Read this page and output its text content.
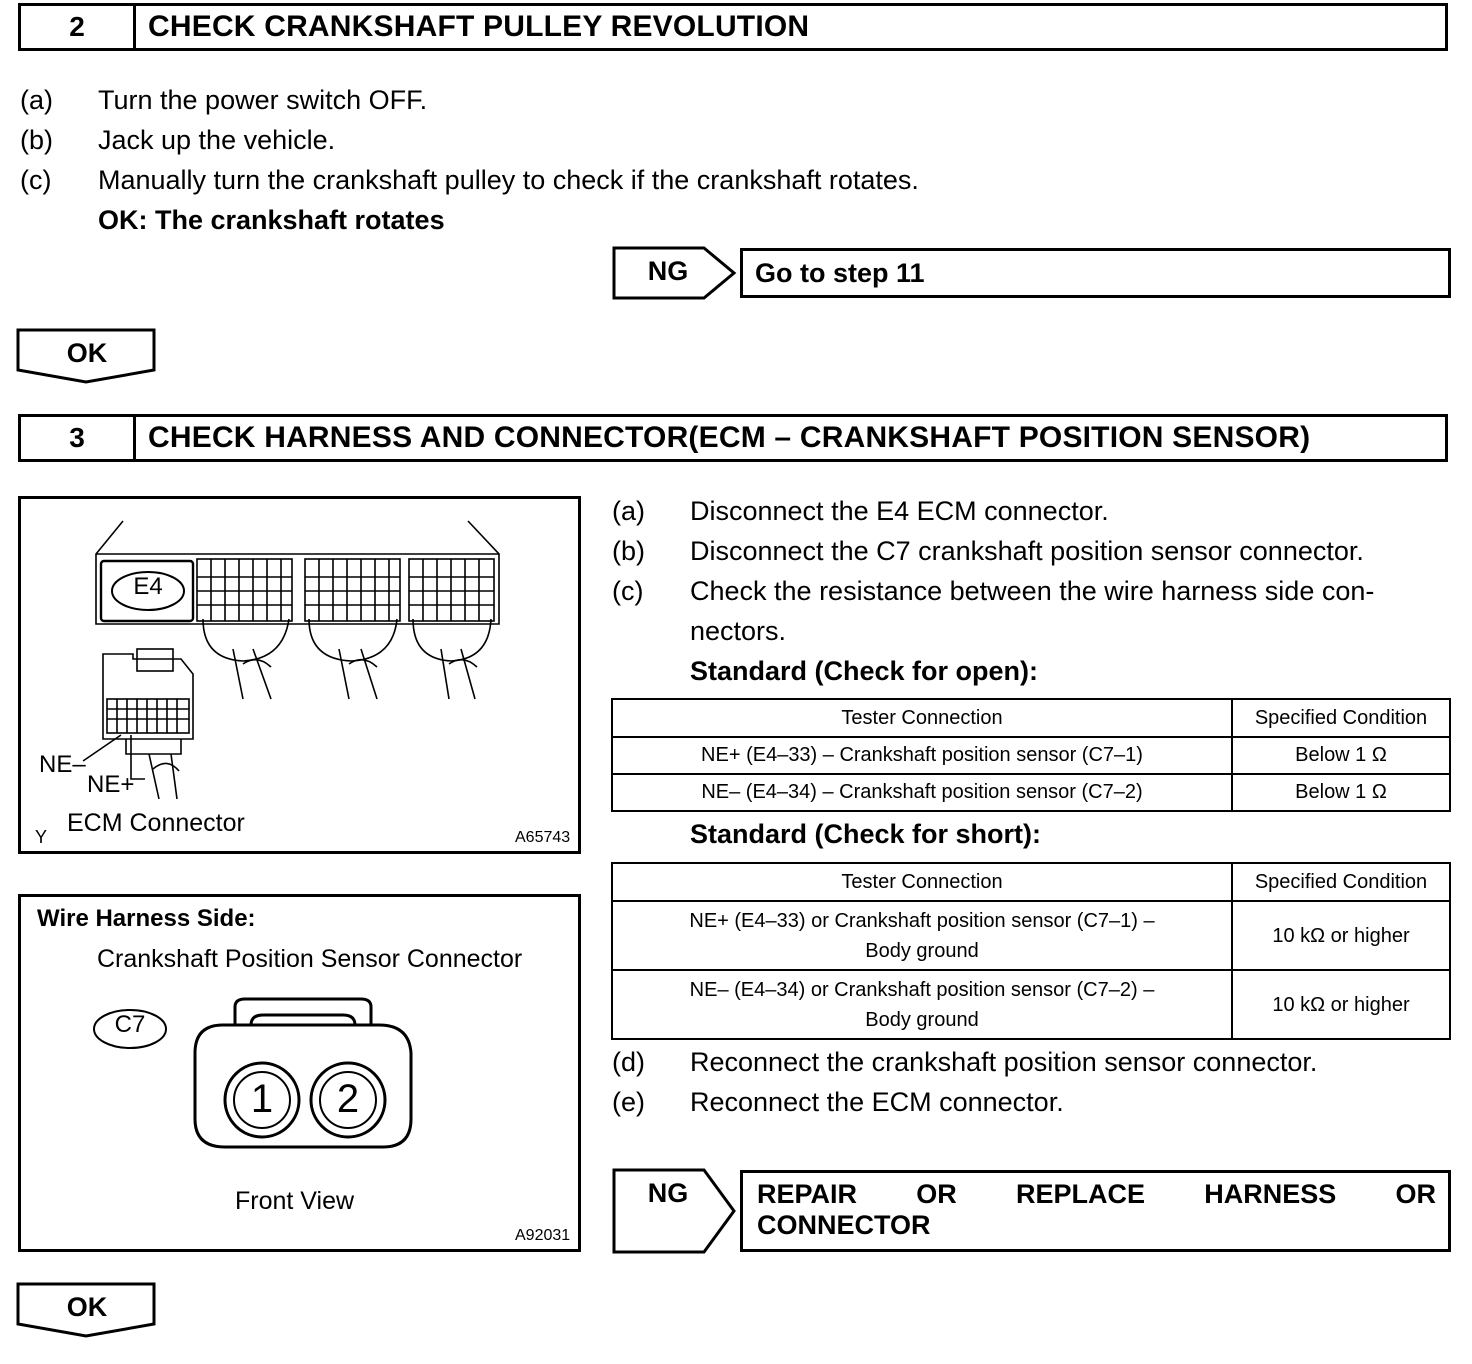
2	CHECK CRANKSHAFT PULLEY REVOLUTION
(a) Turn the power switch OFF.
(b) Jack up the vehicle.
(c) Manually turn the crankshaft pulley to check if the crankshaft rotates.
OK: The crankshaft rotates
NG	Go to step 11
OK
3	CHECK HARNESS AND CONNECTOR(ECM – CRANKSHAFT POSITION SENSOR)
E4
NE–
NE+
ECM Connector
Y	A65743
Wire Harness Side:
Crankshaft Position Sensor Connector
C7
1	2
Front View
A92031
(a) Disconnect the E4 ECM connector.
(b) Disconnect the C7 crankshaft position sensor connector.
(c) Check the resistance between the wire harness side con-
nectors.
Standard (Check for open):
Tester Connection	Specified Condition
NE+ (E4–33) – Crankshaft position sensor (C7–1)	Below 1 Ω
NE– (E4–34) – Crankshaft position sensor (C7–2)	Below 1 Ω
Standard (Check for short):
Tester Connection	Specified Condition

NE+ (E4–33) or Crankshaft position sensor (C7–1) –
Body ground	10 kΩ or higher

NE– (E4–34) or Crankshaft position sensor (C7–2) –
Body ground	10 kΩ or higher
(d) Reconnect the crankshaft position sensor connector.
(e) Reconnect the ECM connector.
NG	REPAIR OR REPLACE HARNESS OR
CONNECTOR
OK
